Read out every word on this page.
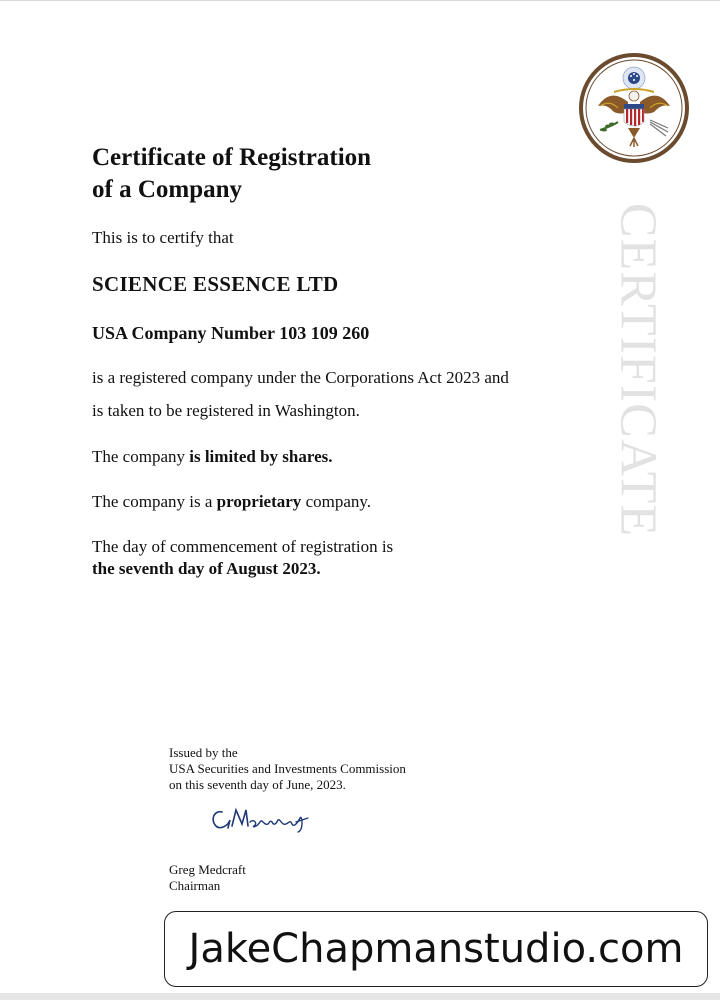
CERTIFICATE
Certificate of Registration
of a Company
This is to certify that
SCIENCE ESSENCE LTD
USA Company Number 103 109 260
is a registered company under the Corporations Act 2023 and
is taken to be registered in Washington.
The company is limited by shares.
The company is a proprietary company.
The day of commencement of registration is
the seventh day of August 2023.
Issued by the
USA Securities and Investments Commission
on this seventh day of June, 2023.
Greg Medcraft
Chairman
JakeChapmanstudio.com
